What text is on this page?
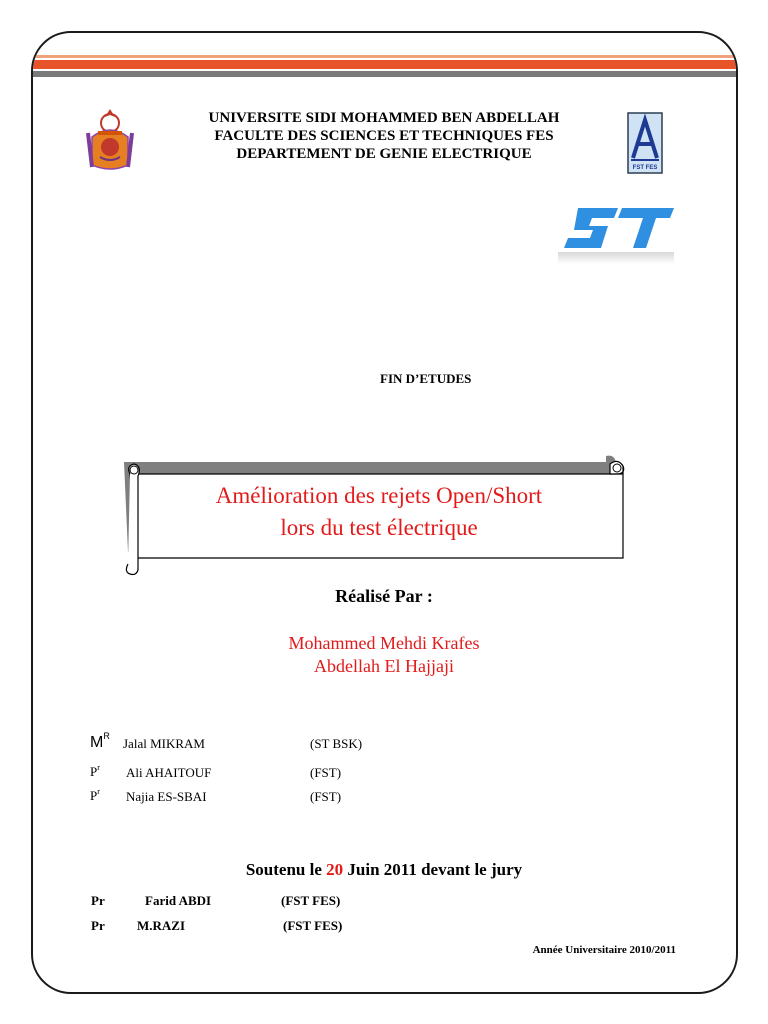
UNIVERSITE SIDI MOHAMMED BEN ABDELLAH
FACULTE DES SCIENCES ET TECHNIQUES FES
DEPARTEMENT DE GENIE ELECTRIQUE
FST FES
FIN D’ETUDES
Amélioration des rejets Open/Short
lors du test électrique
Réalisé Par :
Mohammed Mehdi Krafes
Abdellah El Hajjaji
$M^R$ Jalal MIKRAM	(ST BSK)
$P^r$ Ali AHAITOUF	(FST)
$P^r$ Najia ES-SBAI	(FST)
Soutenu le 20 Juin 2011 devant le jury
Pr	Farid ABDI	(FST FES)
Pr M.RAZI	(FST FES)
Année Universitaire 2010/2011
